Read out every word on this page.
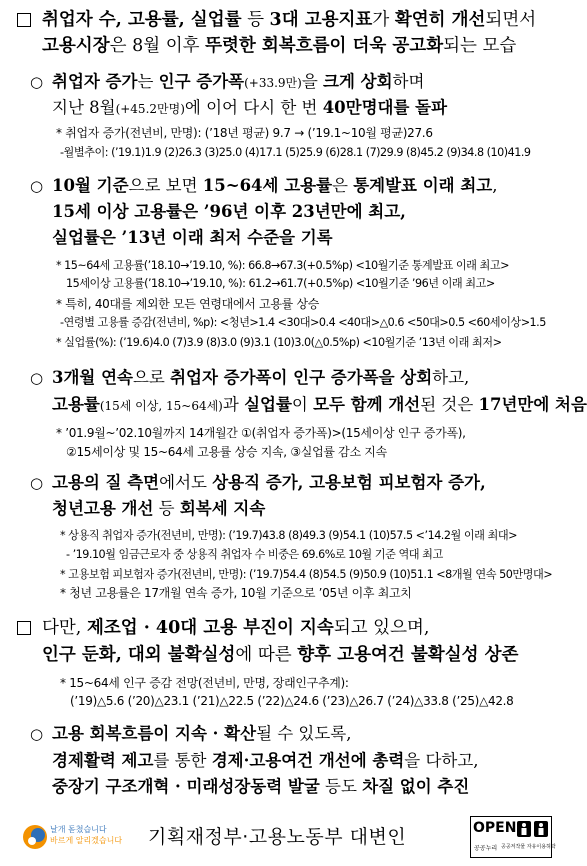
취업자 수, 고용률, 실업률 등 3대 고용지표가 확연히 개선되면서
고용시장은 8월 이후 뚜렷한 회복흐름이 더욱 공고화되는 모습
○ 취업자 증가는 인구 증가폭(+33.9만)을 크게 상회하며
지난 8월(+45.2만명)에 이어 다시 한 번 40만명대를 돌파
* 취업자 증가(전년비, 만명): (’18년 평균) 9.7 → (’19.1~10월 평균)27.6
-월별추이: (’19.1)1.9 (2)26.3 (3)25.0 (4)17.1 (5)25.9 (6)28.1 (7)29.9 (8)45.2 (9)34.8 (10)41.9
○ 10월 기준으로 보면 15~64세 고용률은 통계발표 이래 최고,
15세 이상 고용률은 ’96년 이후 23년만에 최고,
실업률은 ’13년 이래 최저 수준을 기록
* 15~64세 고용률(’18.10→’19.10, %): 66.8→67.3(+0.5%p) <10월기준 통계발표 이래 최고>
15세이상 고용률(’18.10→’19.10, %): 61.2→61.7(+0.5%p) <10월기준 ’96년 이래 최고>
* 특히, 40대를 제외한 모든 연령대에서 고용률 상승
-연령별 고용률 증감(전년비, %p): <청년>1.4 <30대>0.4 <40대>△0.6 <50대>0.5 <60세이상>1.5
* 실업률(%): (’19.6)4.0 (7)3.9 (8)3.0 (9)3.1 (10)3.0(△0.5%p) <10월기준 ’13년 이래 최저>
○ 3개월 연속으로 취업자 증가폭이 인구 증가폭을 상회하고,
고용률(15세 이상, 15~64세)과 실업률이 모두 함께 개선된 것은 17년만에 처음
* ’01.9월~’02.10월까지 14개월간 ①(취업자 증가폭)>(15세이상 인구 증가폭),
②15세이상 및 15~64세 고용률 상승 지속, ③실업률 감소 지속
○ 고용의 질 측면에서도 상용직 증가, 고용보험 피보험자 증가,
청년고용 개선 등 회복세 지속
* 상용직 취업자 증가(전년비, 만명): (’19.7)43.8 (8)49.3 (9)54.1 (10)57.5 <’14.2월 이래 최대>
- ’19.10월 임금근로자 중 상용직 취업자 수 비중은 69.6%로 10월 기준 역대 최고
* 고용보험 피보험자 증가(전년비, 만명): (’19.7)54.4 (8)54.5 (9)50.9 (10)51.1 <8개월 연속 50만명대>
* 청년 고용률은 17개월 연속 증가, 10월 기준으로 ’05년 이후 최고치
다만, 제조업 · 40대 고용 부진이 지속되고 있으며,
인구 둔화, 대외 불확실성에 따른 향후 고용여건 불확실성 상존
* 15~64세 인구 증감 전망(전년비, 만명, 장래인구추계):
(’19)△5.6 (’20)△23.1 (’21)△22.5 (’22)△24.6 (’23)△26.7 (’24)△33.8 (’25)△42.8
○ 고용 회복흐름이 지속 · 확산될 수 있도록,
경제활력 제고를 통한 경제·고용여건 개선에 총력을 다하고,
중장기 구조개혁 · 미래성장동력 발굴 등도 차질 없이 추진
날개 돋쳤습니다
바르게 알리겠습니다 기획재정부·고용노동부 대변인	OPEN
공공누리 공공저작물 자유이용허락
